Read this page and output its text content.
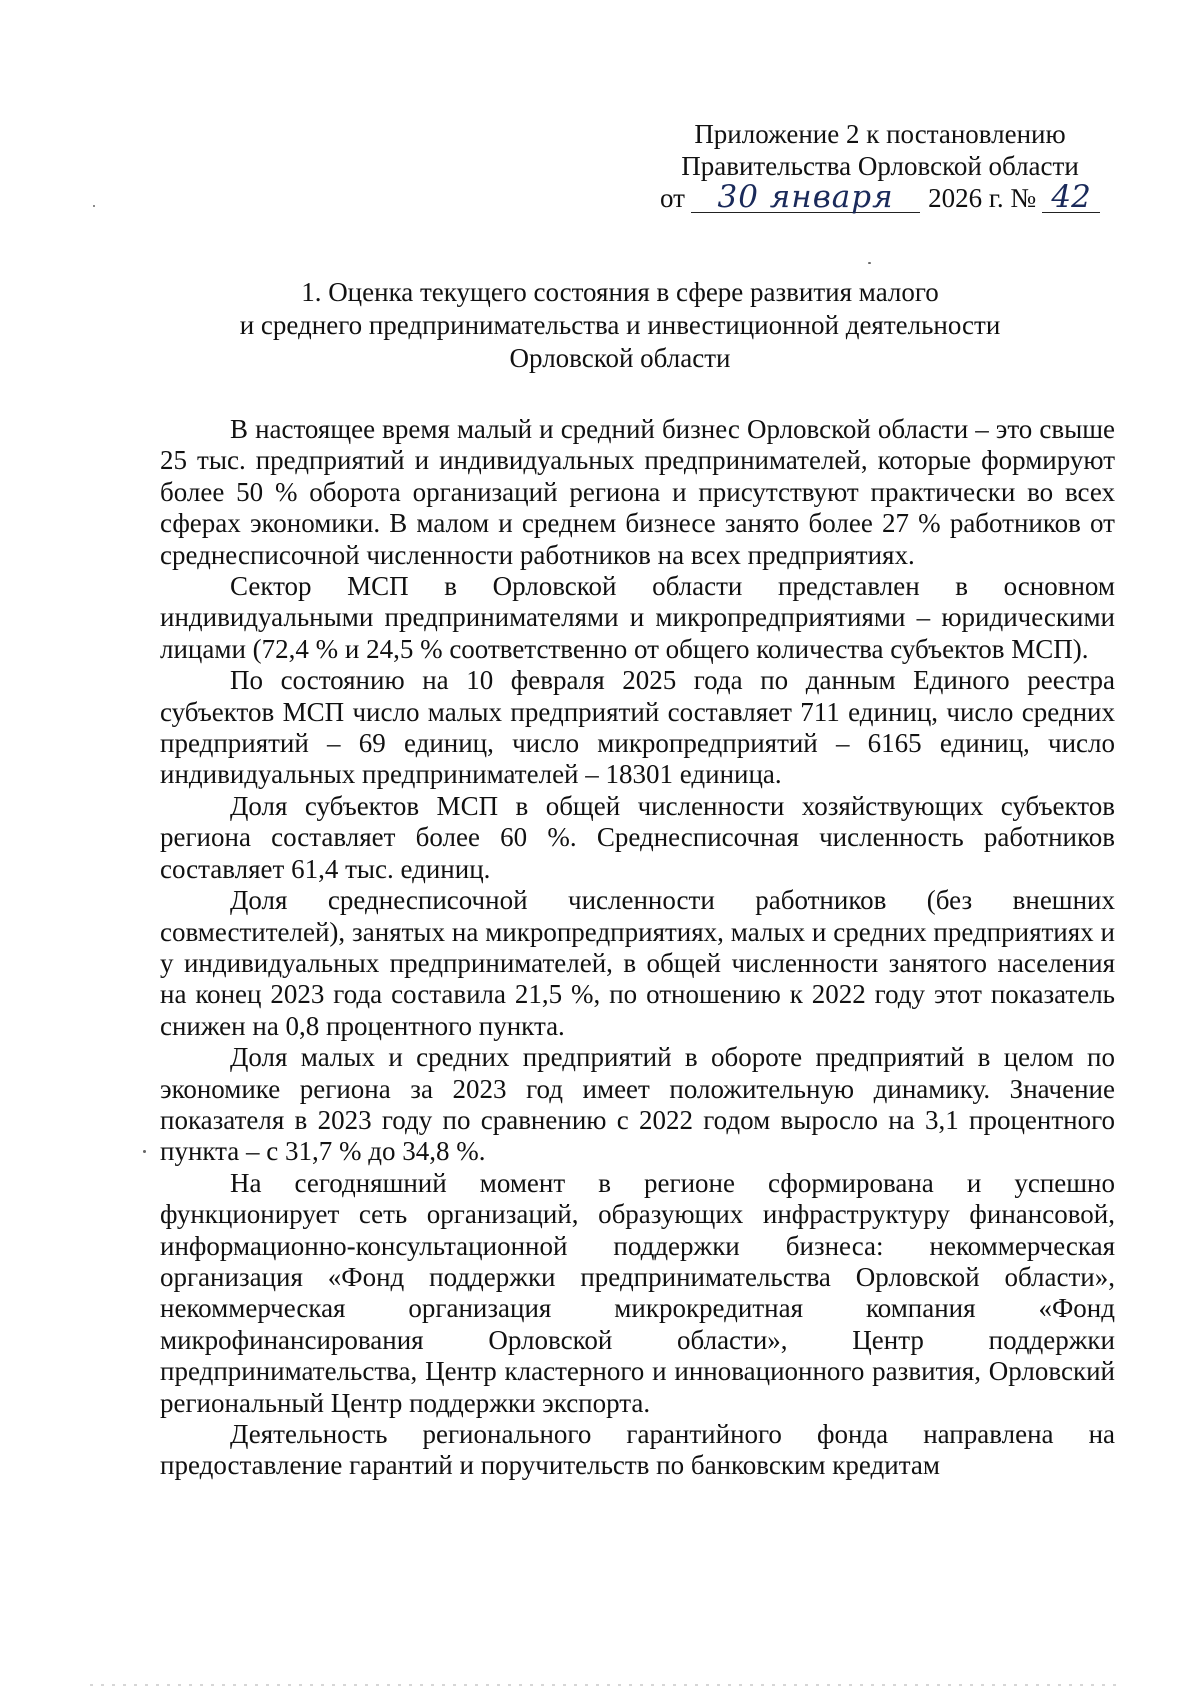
Приложение 2 к постановлению
Правительства Орловской области
от	30 января	2026 г. № 42
1. Оценка текущего состояния в сфере развития малого
и среднего предпринимательства и инвестиционной деятельности
Орловской области

В настоящее время малый и средний бизнес Орловской области – это свыше 25 тыс. предприятий и индивидуальных предпринимателей, которые формируют более 50 % оборота организаций региона и присутствуют практически во всех сферах экономики. В малом и среднем бизнесе занято более 27 % работников от среднесписочной численности работников на всех предприятиях.

Сектор МСП в Орловской области представлен в основном индивидуальными предпринимателями и микропредприятиями – юридическими лицами (72,4 % и 24,5 % соответственно от общего количества субъектов МСП).

По состоянию на 10 февраля 2025 года по данным Единого реестра субъектов МСП число малых предприятий составляет 711 единиц, число средних предприятий – 69 единиц, число микропредприятий – 6165 единиц, число индивидуальных предпринимателей – 18301 единица.

Доля субъектов МСП в общей численности хозяйствующих субъектов региона составляет более 60 %. Среднесписочная численность работников составляет 61,4 тыс. единиц.

Доля среднесписочной численности работников (без внешних совместителей), занятых на микропредприятиях, малых и средних предприятиях и у индивидуальных предпринимателей, в общей численности занятого населения на конец 2023 года составила 21,5 %, по отношению к 2022 году этот показатель снижен на 0,8 процентного пункта.

Доля малых и средних предприятий в обороте предприятий в целом по экономике региона за 2023 год имеет положительную динамику. Значение показателя в 2023 году по сравнению с 2022 годом выросло на 3,1 процентного пункта – с 31,7 % до 34,8 %.

На сегодняшний момент в регионе сформирована и успешно функционирует сеть организаций, образующих инфраструктуру финансовой, информационно-консультационной поддержки бизнеса: некоммерческая организация «Фонд поддержки предпринимательства Орловской области», некоммерческая организация микрокредитная компания «Фонд микрофинансирования Орловской области», Центр поддержки предпринимательства, Центр кластерного и инновационного развития, Орловский региональный Центр поддержки экспорта.

Деятельность регионального гарантийного фонда направлена на предоставление гарантий и поручительств по банковским кредитам
